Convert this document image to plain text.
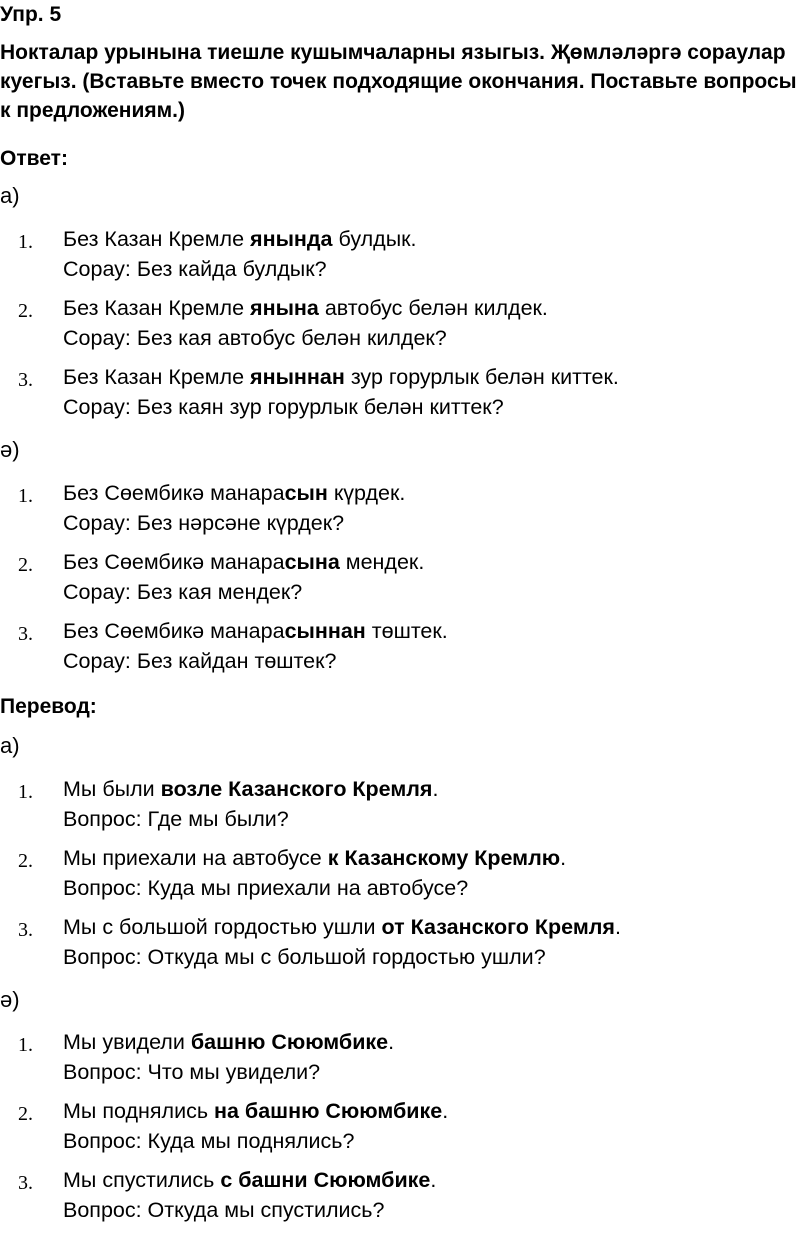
Упр. 5
Нокталар урынына тиешле кушымчаларны языгыз. Җөмләләргә сораулар куегыз. (Вставьте вместо точек подходящие окончания. Поставьте вопросы к предложениям.)
Ответ:
а)
1. Без Казан Кремле янында булдык.
Сорау: Без кайда булдык?
2. Без Казан Кремле янына автобус белән килдек.
Сорау: Без кая автобус белән килдек?
3. Без Казан Кремле яныннан зур горурлык белән киттек.
Сорау: Без каян зур горурлык белән киттек?
ә)
1. Без Сөембикә манарасын күрдек.
Сорау: Без нәрсәне күрдек?
2. Без Сөембикә манарасына мендек.
Сорау: Без кая мендек?
3. Без Сөембикә манарасыннан төштек.
Сорау: Без кайдан төштек?
Перевод:
а)
1. Мы были возле Казанского Кремля.
Вопрос: Где мы были?
2. Мы приехали на автобусе к Казанскому Кремлю.
Вопрос: Куда мы приехали на автобусе?
3. Мы с большой гордостью ушли от Казанского Кремля.
Вопрос: Откуда мы с большой гордостью ушли?
ә)
1. Мы увидели башню Сююмбике.
Вопрос: Что мы увидели?
2. Мы поднялись на башню Сююмбике.
Вопрос: Куда мы поднялись?
3. Мы спустились с башни Сююмбике.
Вопрос: Откуда мы спустились?
